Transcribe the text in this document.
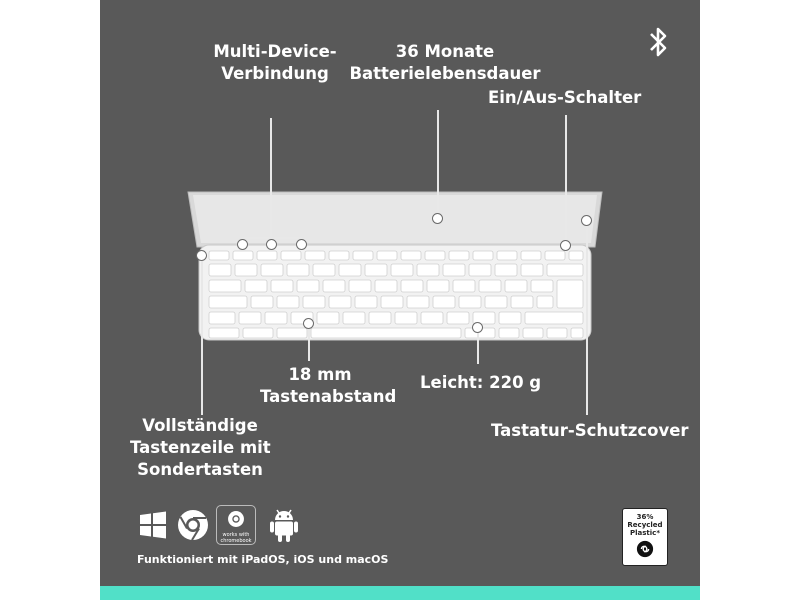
Multi-Device-
Verbindung
36 Monate
Batterielebensdauer
Ein/Aus-Schalter
18 mm
Tastenabstand
Leicht: 220 g
Vollständige
Tastenzeile mit
Sondertasten
Tastatur-Schutzcover
works with
chromebook
Funktioniert mit iPadOS, iOS und macOS
36%
Recycled
Plastic*
